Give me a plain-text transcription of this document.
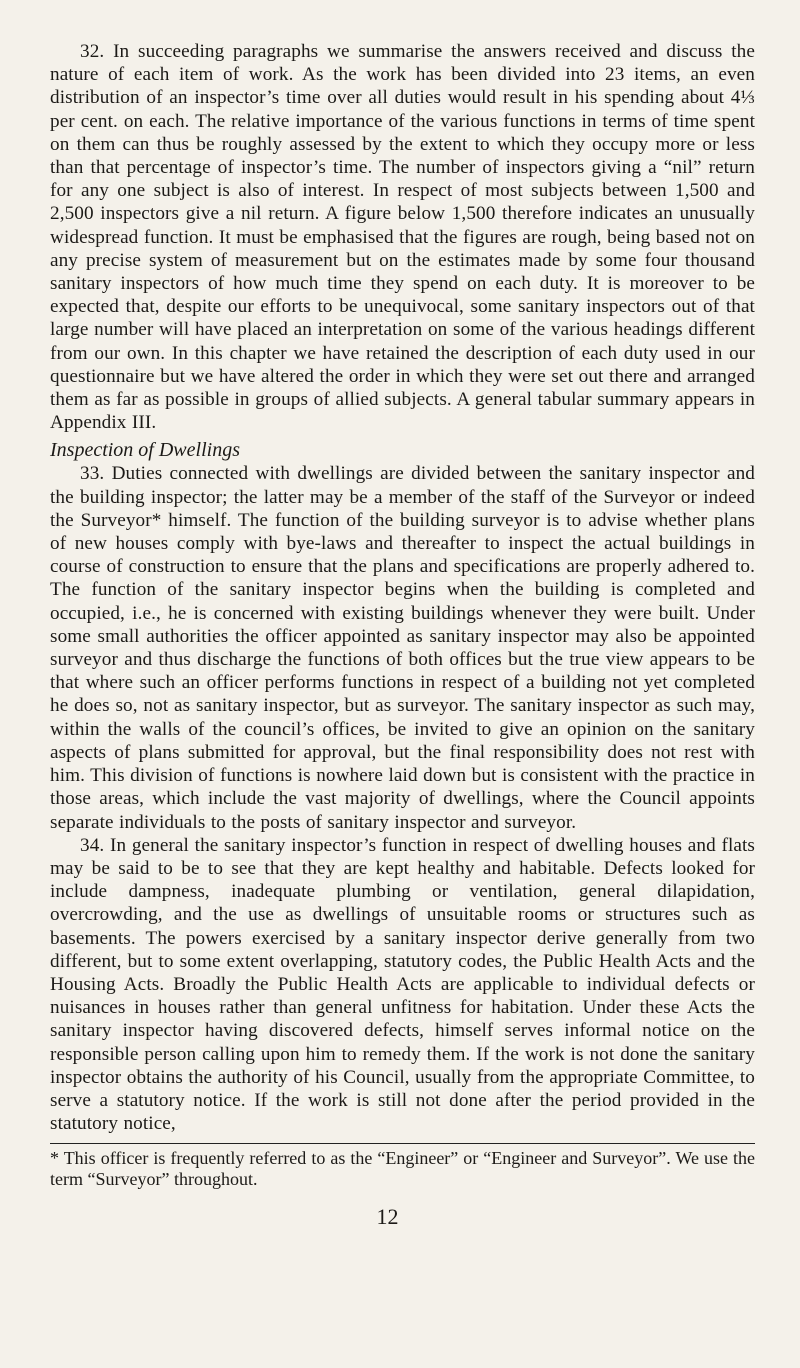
32. In succeeding paragraphs we summarise the answers received and discuss the nature of each item of work. As the work has been divided into 23 items, an even distribution of an inspector’s time over all duties would result in his spending about 4⅓ per cent. on each. The relative importance of the various functions in terms of time spent on them can thus be roughly assessed by the extent to which they occupy more or less than that percentage of inspector’s time. The number of inspectors giving a “nil” return for any one subject is also of interest. In respect of most subjects between 1,500 and 2,500 inspectors give a nil return. A figure below 1,500 therefore indicates an unusually widespread function. It must be emphasised that the figures are rough, being based not on any precise system of measurement but on the estimates made by some four thousand sanitary inspectors of how much time they spend on each duty. It is moreover to be expected that, despite our efforts to be unequivocal, some sanitary inspectors out of that large number will have placed an interpretation on some of the various headings different from our own. In this chapter we have retained the description of each duty used in our questionnaire but we have altered the order in which they were set out there and arranged them as far as possible in groups of allied subjects. A general tabular summary appears in Appendix III.

Inspection of Dwellings

33. Duties connected with dwellings are divided between the sanitary inspector and the building inspector; the latter may be a member of the staff of the Surveyor or indeed the Surveyor* himself. The function of the building surveyor is to advise whether plans of new houses comply with bye-laws and thereafter to inspect the actual buildings in course of construction to ensure that the plans and specifications are properly adhered to. The function of the sanitary inspector begins when the building is completed and occupied, i.e., he is concerned with existing buildings whenever they were built. Under some small authorities the officer appointed as sanitary inspector may also be appointed surveyor and thus discharge the functions of both offices but the true view appears to be that where such an officer performs functions in respect of a building not yet completed he does so, not as sanitary inspector, but as surveyor. The sanitary inspector as such may, within the walls of the council’s offices, be invited to give an opinion on the sanitary aspects of plans submitted for approval, but the final responsibility does not rest with him. This division of functions is nowhere laid down but is consistent with the practice in those areas, which include the vast majority of dwellings, where the Council appoints separate individuals to the posts of sanitary inspector and surveyor.

34. In general the sanitary inspector’s function in respect of dwelling houses and flats may be said to be to see that they are kept healthy and habitable. Defects looked for include dampness, inadequate plumbing or ventilation, general dilapidation, overcrowding, and the use as dwellings of unsuitable rooms or structures such as basements. The powers exercised by a sanitary inspector derive generally from two different, but to some extent overlapping, statutory codes, the Public Health Acts and the Housing Acts. Broadly the Public Health Acts are applicable to individual defects or nuisances in houses rather than general unfitness for habitation. Under these Acts the sanitary inspector having discovered defects, himself serves informal notice on the responsible person calling upon him to remedy them. If the work is not done the sanitary inspector obtains the authority of his Council, usually from the appropriate Committee, to serve a statutory notice. If the work is still not done after the period provided in the statutory notice,

* This officer is frequently referred to as the “Engineer” or “Engineer and Surveyor”. We use the term “Surveyor” throughout.

12
